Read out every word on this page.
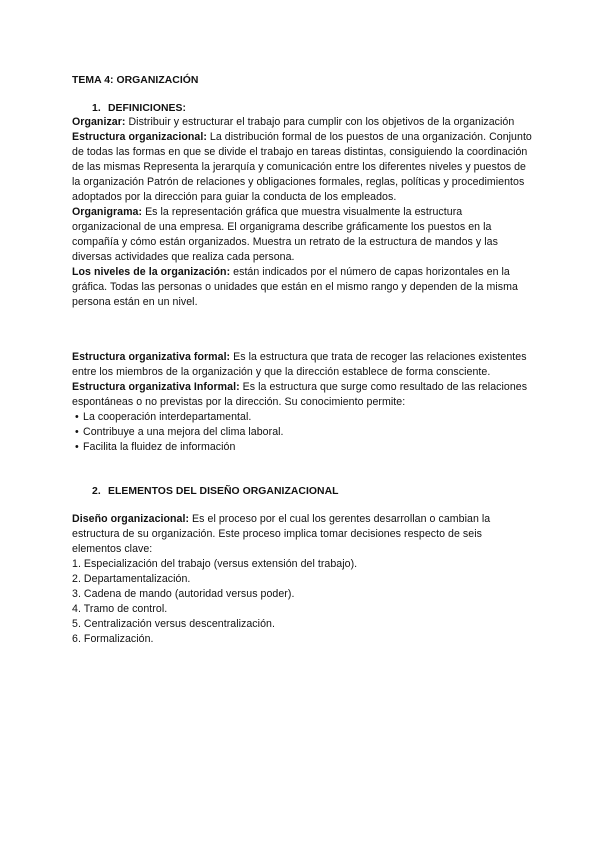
TEMA 4: ORGANIZACIÓN
1. DEFINICIONES:

Organizar: Distribuir y estructurar el trabajo para cumplir con los objetivos de la organización

Estructura organizacional: La distribución formal de los puestos de una organización. Conjunto de todas las formas en que se divide el trabajo en tareas distintas, consiguiendo la coordinación de las mismas Representa la jerarquía y comunicación entre los diferentes niveles y puestos de la organización Patrón de relaciones y obligaciones formales, reglas, políticas y procedimientos adoptados por la dirección para guiar la conducta de los empleados.

Organigrama: Es la representación gráfica que muestra visualmente la estructura organizacional de una empresa. El organigrama describe gráficamente los puestos en la compañía y cómo están organizados. Muestra un retrato de la estructura de mandos y las diversas actividades que realiza cada persona.

Los niveles de la organización: están indicados por el número de capas horizontales en la gráfica. Todas las personas o unidades que están en el mismo rango y dependen de la misma persona están en un nivel.

Estructura organizativa formal: Es la estructura que trata de recoger las relaciones existentes entre los miembros de la organización y que la dirección establece de forma consciente.

Estructura organizativa Informal: Es la estructura que surge como resultado de las relaciones espontáneas o no previstas por la dirección. Su conocimiento permite:

• La cooperación interdepartamental.
• Contribuye a una mejora del clima laboral.
• Facilita la fluidez de información
2. ELEMENTOS DEL DISEÑO ORGANIZACIONAL

Diseño organizacional: Es el proceso por el cual los gerentes desarrollan o cambian la estructura de su organización. Este proceso implica tomar decisiones respecto de seis elementos clave:

1. Especialización del trabajo (versus extensión del trabajo).
2. Departamentalización.
3. Cadena de mando (autoridad versus poder).
4. Tramo de control.
5. Centralización versus descentralización.
6. Formalización.
